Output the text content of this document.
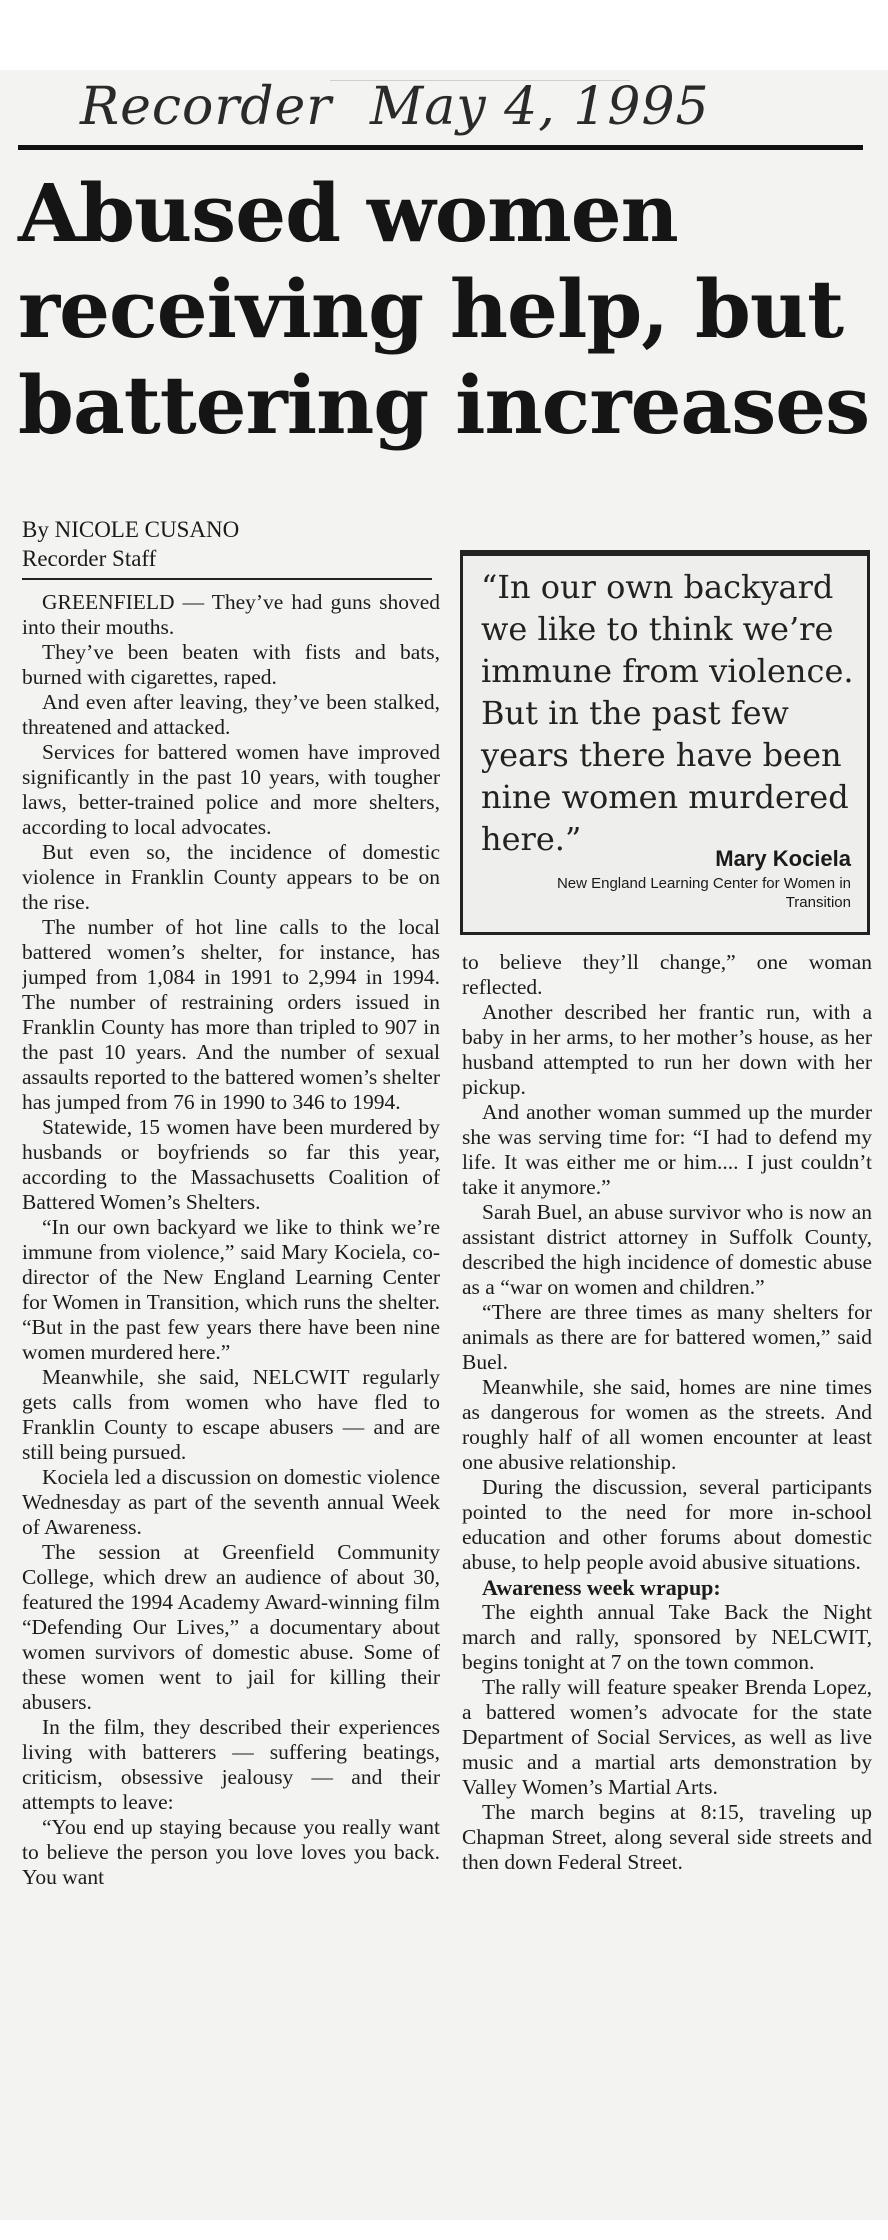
Recorder May 4, 1995
Abused women
receiving help, but
battering increases
By NICOLE CUSANO
Recorder Staff
“In our own backyard we like to think we’re immune from violence. But in the past few years there have been nine women murdered here.”
Mary Kociela
New England Learning Center for Women in Transition

GREENFIELD — They’ve had guns shoved into their mouths.

They’ve been beaten with fists and bats, burned with cigarettes, raped.

And even after leaving, they’ve been stalked, threatened and attacked.

Services for battered women have improved significantly in the past 10 years, with tougher laws, better-trained police and more shelters, according to local advocates.

But even so, the incidence of domestic violence in Franklin County appears to be on the rise.

The number of hot line calls to the local battered women’s shelter, for instance, has jumped from 1,084 in 1991 to 2,994 in 1994. The number of restraining orders issued in Franklin County has more than tripled to 907 in the past 10 years. And the number of sexual assaults reported to the battered women’s shelter has jumped from 76 in 1990 to 346 to 1994.

Statewide, 15 women have been murdered by husbands or boyfriends so far this year, according to the Massachusetts Coalition of Battered Women’s Shelters.

“In our own backyard we like to think we’re immune from violence,” said Mary Kociela, co-director of the New England Learning Center for Women in Transition, which runs the shelter. “But in the past few years there have been nine women murdered here.”

Meanwhile, she said, NELCWIT regularly gets calls from women who have fled to Franklin County to escape abusers — and are still being pursued.

Kociela led a discussion on domestic violence Wednesday as part of the seventh annual Week of Awareness.

The session at Greenfield Community College, which drew an audience of about 30, featured the 1994 Academy Award-winning film “Defending Our Lives,” a documentary about women survivors of domestic abuse. Some of these women went to jail for killing their abusers.

In the film, they described their experiences living with batterers — suffering beatings, criticism, obsessive jealousy — and their attempts to leave:

“You end up staying because you really want to believe the person you love loves you back. You want

to believe they’ll change,” one woman reflected.

Another described her frantic run, with a baby in her arms, to her mother’s house, as her husband attempted to run her down with her pickup.

And another woman summed up the murder she was serving time for: “I had to defend my life. It was either me or him.... I just couldn’t take it anymore.”

Sarah Buel, an abuse survivor who is now an assistant district attorney in Suffolk County, described the high incidence of domestic abuse as a “war on women and children.”

“There are three times as many shelters for animals as there are for battered women,” said Buel.

Meanwhile, she said, homes are nine times as dangerous for women as the streets. And roughly half of all women encounter at least one abusive relationship.

During the discussion, several participants pointed to the need for more in-school education and other forums about domestic abuse, to help people avoid abusive situations.

Awareness week wrapup:

The eighth annual Take Back the Night march and rally, sponsored by NELCWIT, begins tonight at 7 on the town common.

The rally will feature speaker Brenda Lopez, a battered women’s advocate for the state Department of Social Services, as well as live music and a martial arts demonstration by Valley Women’s Martial Arts.

The march begins at 8:15, traveling up Chapman Street, along several side streets and then down Federal Street.
